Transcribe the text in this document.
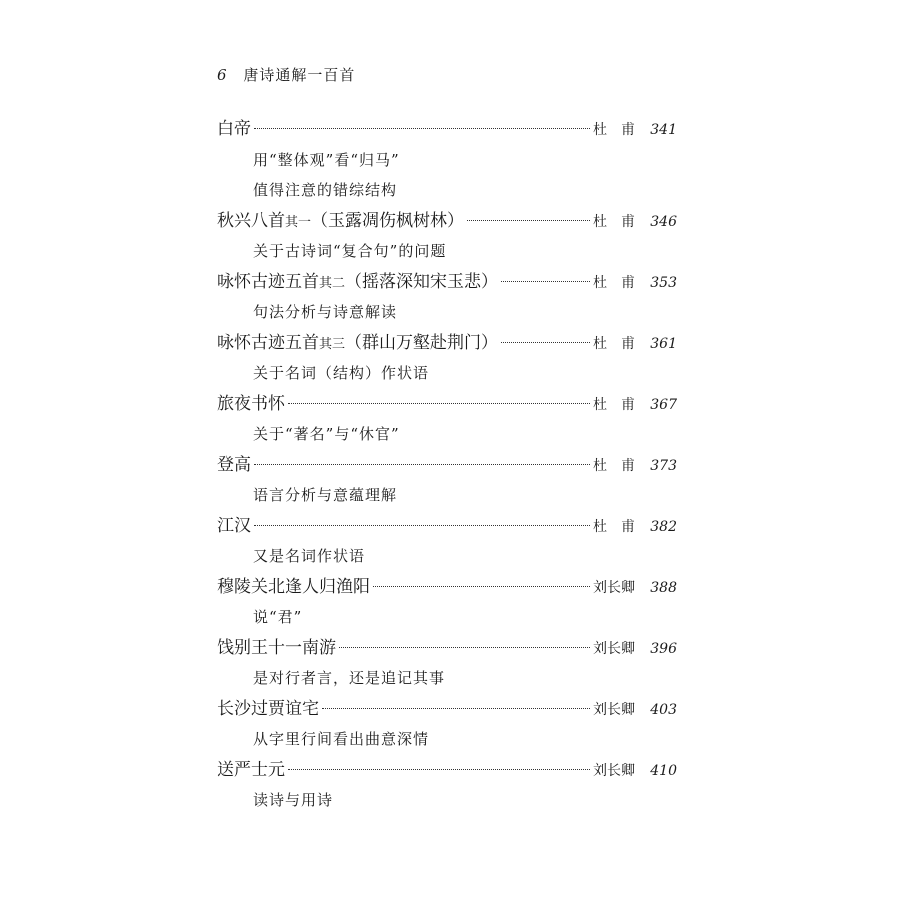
6 唐诗通解一百首
白帝	杜　甫	341
用“整体观”看“归马”
值得注意的错综结构
秋兴八首其一（玉露凋伤枫树林）	杜　甫	346
关于古诗词“复合句”的问题
咏怀古迹五首其二（摇落深知宋玉悲）	杜　甫	353
句法分析与诗意解读
咏怀古迹五首其三（群山万壑赴荆门）	杜　甫	361
关于名词（结构）作状语
旅夜书怀	杜　甫	367
关于“著名”与“休官”
登高	杜　甫	373
语言分析与意蕴理解
江汉	杜　甫	382
又是名词作状语
穆陵关北逢人归渔阳	刘长卿	388
说“君”
饯别王十一南游	刘长卿	396
是对行者言，还是追记其事
长沙过贾谊宅	刘长卿	403
从字里行间看出曲意深情
送严士元	刘长卿	410
读诗与用诗
